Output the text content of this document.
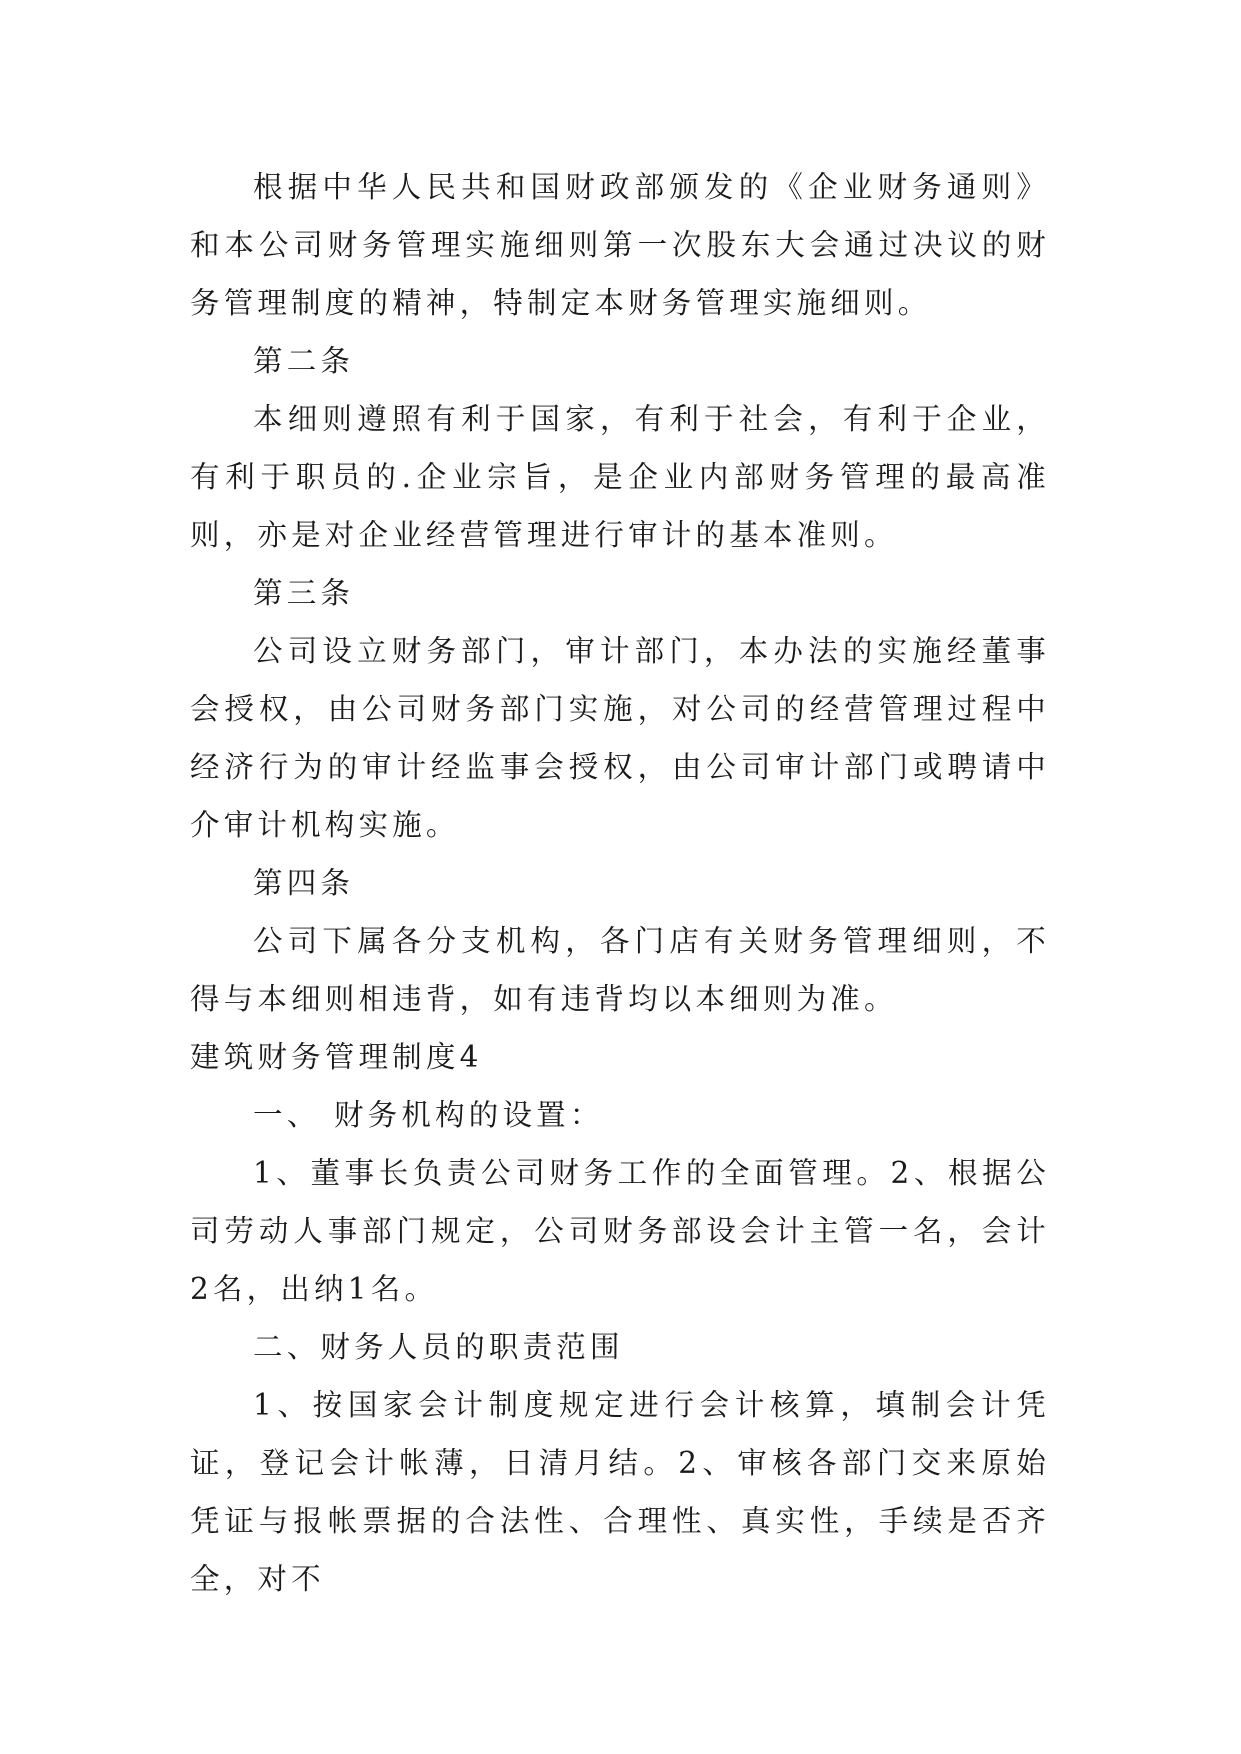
根据中华人民共和国财政部颁发的《企业财务通则》和本公司财务管理实施细则第一次股东大会通过决议的财务管理制度的精神，特制定本财务管理实施细则。

第二条

本细则遵照有利于国家，有利于社会，有利于企业，有利于职员的.企业宗旨，是企业内部财务管理的最高准则，亦是对企业经营管理进行审计的基本准则。

第三条

公司设立财务部门，审计部门，本办法的实施经董事会授权，由公司财务部门实施，对公司的经营管理过程中经济行为的审计经监事会授权，由公司审计部门或聘请中介审计机构实施。

第四条

公司下属各分支机构，各门店有关财务管理细则，不得与本细则相违背，如有违背均以本细则为准。

建筑财务管理制度4

一、 财务机构的设置：

1、董事长负责公司财务工作的全面管理。2、根据公司劳动人事部门规定，公司财务部设会计主管一名，会计2名，出纳1名。

二、财务人员的职责范围

1、按国家会计制度规定进行会计核算，填制会计凭证，登记会计帐薄，日清月结。2、审核各部门交来原始凭证与报帐票据的合法性、合理性、真实性，手续是否齐全，对不
